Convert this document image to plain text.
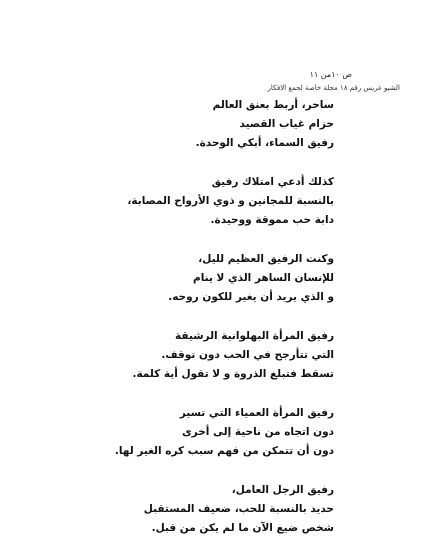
ص ١٠من ١١
الشيو غريس رقم ١٨ مجلة خاصة لجمع الافكار
ساحر، أربط بعنق العالم
حزام غياب القصيد
رفيق السماء، أبكي الوحدة.
كذلك أدعي امتلاك رفيق
بالنسبة للمجانين و ذوي الأرواح المصابة،
دابة حب مموقة ووحيدة.
وكنت الرفيق العظيم لليل،
للإنسان الساهر الذي لا ينام
و الذي يريد أن يغير للكون روحه.
رفيق المرأة البهلوانية الرشيقة
التي تتأرجح في الحب دون توقف.
تسقط فتبلغ الذروة و لا تقول أية كلمة.
رفيق المرأة العمياء التي تسير
دون اتجاه من ناحية إلى أخرى
دون أن تتمكن من فهم سبب كره الغير لها.
رفيق الرجل العامل،
حديد بالنسبة للحب، ضعيف المستقبل
شخص ضيع الآن ما لم يكن من قبل.
